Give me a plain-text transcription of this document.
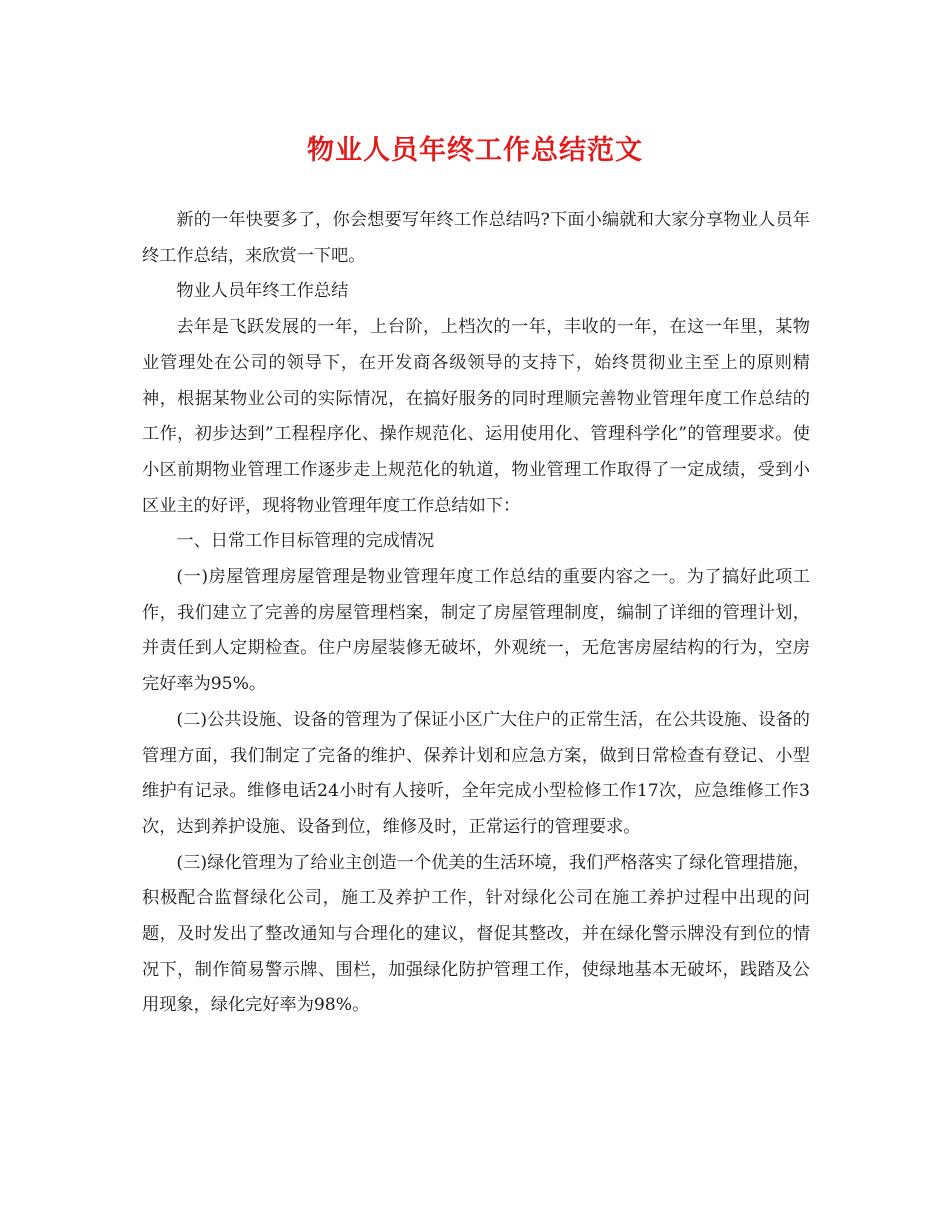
物业人员年终工作总结范文

新的一年快要多了，你会想要写年终工作总结吗?下面小编就和大家分享物业人员年终工作总结，来欣赏一下吧。

物业人员年终工作总结

去年是飞跃发展的一年，上台阶，上档次的一年，丰收的一年，在这一年里，某物业管理处在公司的领导下，在开发商各级领导的支持下，始终贯彻业主至上的原则精神，根据某物业公司的实际情况，在搞好服务的同时理顺完善物业管理年度工作总结的工作，初步达到”工程程序化、操作规范化、运用使用化、管理科学化”的管理要求。使小区前期物业管理工作逐步走上规范化的轨道，物业管理工作取得了一定成绩，受到小区业主的好评，现将物业管理年度工作总结如下：

一、日常工作目标管理的完成情况

(一)房屋管理房屋管理是物业管理年度工作总结的重要内容之一。为了搞好此项工作，我们建立了完善的房屋管理档案，制定了房屋管理制度，编制了详细的管理计划，并责任到人定期检查。住户房屋装修无破坏，外观统一，无危害房屋结构的行为，空房完好率为95%。

(二)公共设施、设备的管理为了保证小区广大住户的正常生活，在公共设施、设备的管理方面，我们制定了完备的维护、保养计划和应急方案，做到日常检查有登记、小型维护有记录。维修电话24小时有人接听，全年完成小型检修工作17次，应急维修工作3次，达到养护设施、设备到位，维修及时，正常运行的管理要求。

(三)绿化管理为了给业主创造一个优美的生活环境，我们严格落实了绿化管理措施，积极配合监督绿化公司，施工及养护工作，针对绿化公司在施工养护过程中出现的问题，及时发出了整改通知与合理化的建议，督促其整改，并在绿化警示牌没有到位的情况下，制作简易警示牌、围栏，加强绿化防护管理工作，使绿地基本无破坏，践踏及公用现象，绿化完好率为98%。
